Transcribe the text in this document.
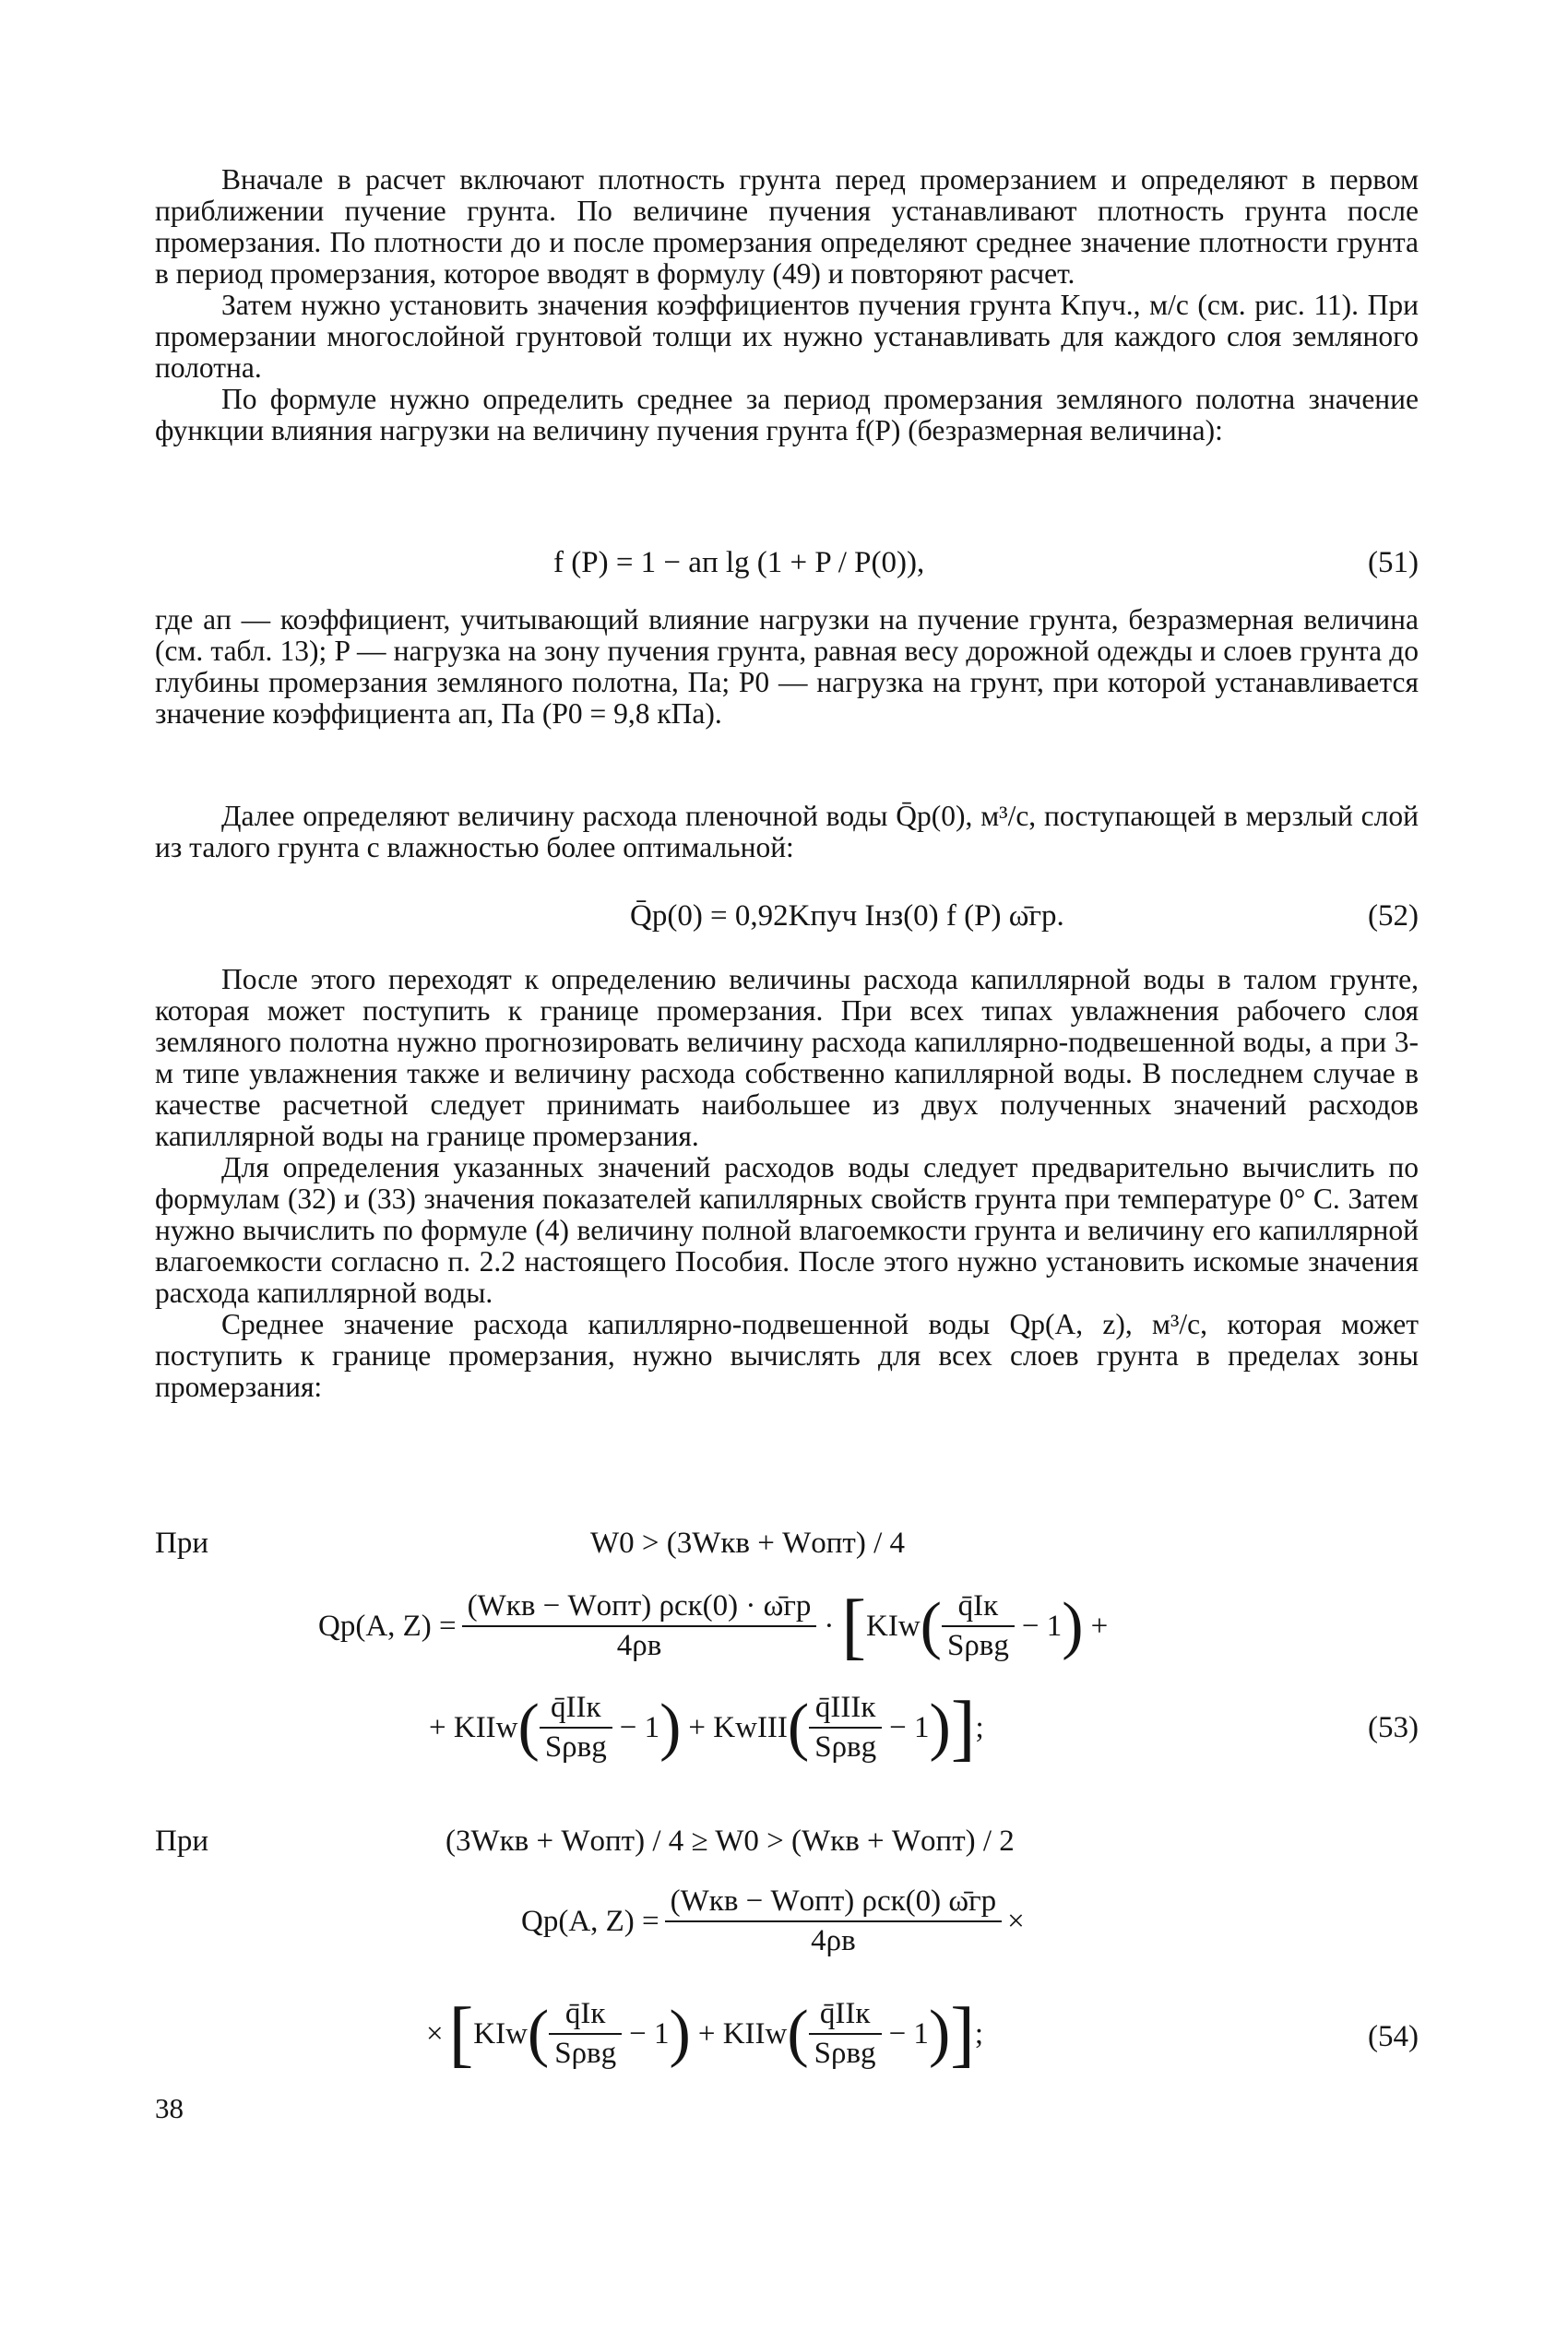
Вначале в расчет включают плотность грунта перед промерзанием и определяют в первом приближении пучение грунта. По величине пучения устанавливают плотность грунта после промерзания. По плотности до и после промерзания определяют среднее значение плотности грунта в период промерзания, которое вводят в формулу (49) и повторяют расчет.

Затем нужно установить значения коэффициентов пучения грунта Kпуч., м/с (см. рис. 11). При промерзании многослойной грунтовой толщи их нужно устанавливать для каждого слоя земляного полотна.

По формуле нужно определить среднее за период промерзания земляного полотна значение функции влияния нагрузки на величину пучения грунта f(P) (безразмерная величина):

f (P) = 1 − aп lg (1 + P / P(0)),	(51)

где aп — коэффициент, учитывающий влияние нагрузки на пучение грунта, безразмерная величина (см. табл. 13); P — нагрузка на зону пучения грунта, равная весу дорожной одежды и слоев грунта до глубины промерзания земляного полотна, Па; P0 — нагрузка на грунт, при которой устанавливается значение коэффициента aп, Па (P0 = 9,8 кПа).

Далее определяют величину расхода пленочной воды Q̄p(0), м³/с, поступающей в мерзлый слой из талого грунта с влажностью более оптимальной:

Q̄p(0) = 0,92Kпуч Iнз(0) f (P) ω̄гр.	(52)

После этого переходят к определению величины расхода капиллярной воды в талом грунте, которая может поступить к границе промерзания. При всех типах увлажнения рабочего слоя земляного полотна нужно прогнозировать величину расхода капиллярно-подвешенной воды, а при 3-м типе увлажнения также и величину расхода собственно капиллярной воды. В последнем случае в качестве расчетной следует принимать наибольшее из двух полученных значений расходов капиллярной воды на границе промерзания.

Для определения указанных значений расходов воды следует предварительно вычислить по формулам (32) и (33) значения показателей капиллярных свойств грунта при температуре 0° С. Затем нужно вычислить по формуле (4) величину полной влагоемкости грунта и величину его капиллярной влагоемкости согласно п. 2.2 настоящего Пособия. После этого нужно установить искомые значения расхода капиллярной воды.

Среднее значение расхода капиллярно-подвешенной воды Qp(A, z), м³/с, которая может поступить к границе промерзания, нужно вычислять для всех слоев грунта в пределах зоны промерзания:

При	W0 > (3Wкв + Wопт) / 4
Qp(A, $Z) = \frac{\text{(Wкв − Wопт) ρск(0) · ω̄гр}}{4\rho в}$ · [ KIw ( $\frac{q̄Iк}{\text{Sρвg}} - 1$ ) +
+ KIIw ( $\frac{\text{q̄IIк}}{\text{Sρвg}} - 1$ ) + KwIII ( $\frac{\text{q̄IIIк}}{\text{Sρвg}} - 1$ ) ] ;	(53)
При	(3Wкв + Wопт) / 4 ≥ W0 > (Wкв + Wопт) / 2
Qp(A, $Z) = \frac{\text{(Wкв − Wопт) ρск(0) ω̄гр}}{4\rho в}$ ×
× [ KIw ( $\frac{q̄Iк}{\text{Sρвg}} - 1$ ) + KIIw ( $\frac{\text{q̄IIк}}{\text{Sρвg}} - 1$ ) ] ;	(54)
38
